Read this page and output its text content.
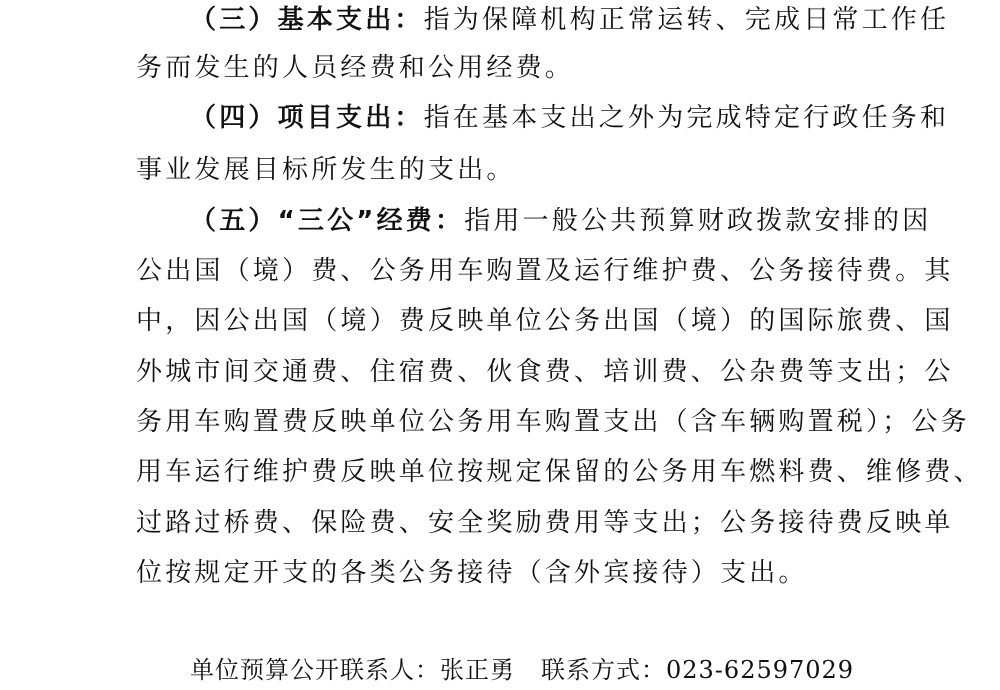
（三）基本支出：指为保障机构正常运转、完成日常工作任
务而发生的人员经费和公用经费。
（四）项目支出：指在基本支出之外为完成特定行政任务和
事业发展目标所发生的支出。
（五）“三公”经费：指用一般公共预算财政拨款安排的因
公出国（境）费、公务用车购置及运行维护费、公务接待费。其
中，因公出国（境）费反映单位公务出国（境）的国际旅费、国
外城市间交通费、住宿费、伙食费、培训费、公杂费等支出；公
务用车购置费反映单位公务用车购置支出（含车辆购置税）；公务
用车运行维护费反映单位按规定保留的公务用车燃料费、维修费、
过路过桥费、保险费、安全奖励费用等支出；公务接待费反映单
位按规定开支的各类公务接待（含外宾接待）支出。
单位预算公开联系人：张正勇 联系方式：023-62597029
